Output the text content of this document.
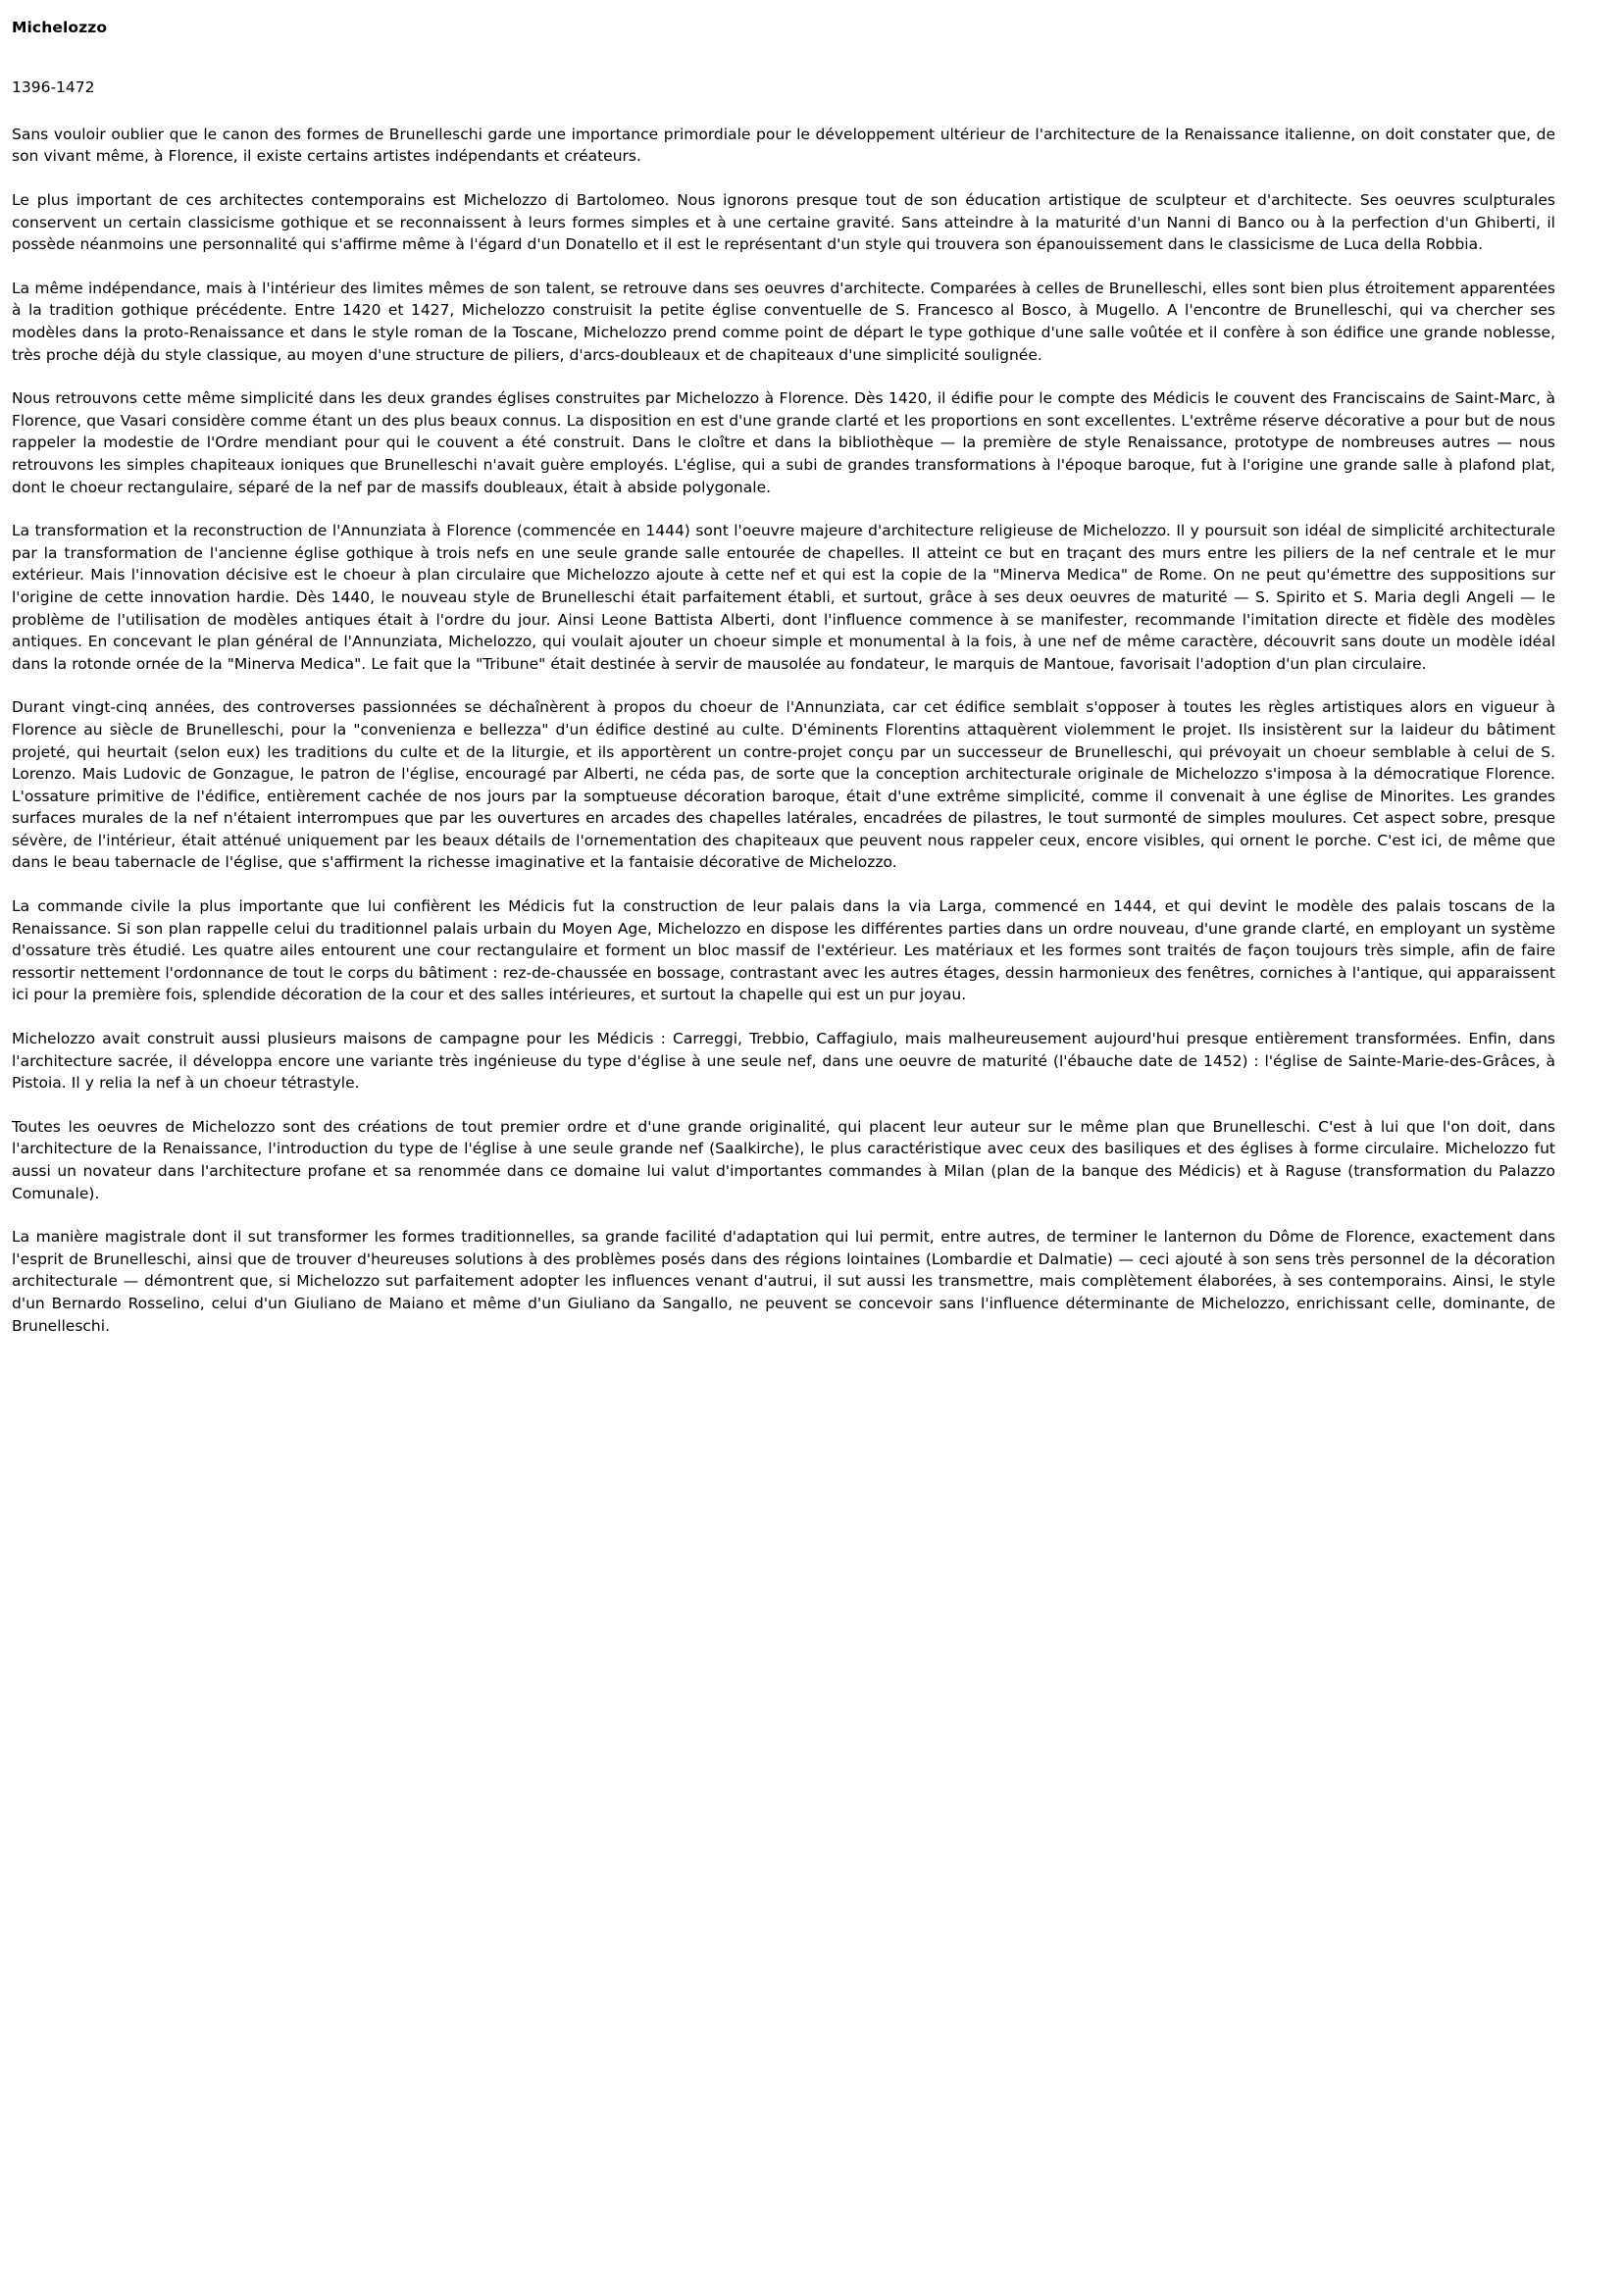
Michelozzo
1396-1472

Sans vouloir oublier que le canon des formes de Brunelleschi garde une importance primordiale pour le développement ultérieur de l'architecture de la Renaissance italienne, on doit constater que, de son vivant même, à Florence, il existe certains artistes indépendants et créateurs.

Le plus important de ces architectes contemporains est Michelozzo di Bartolomeo. Nous ignorons presque tout de son éducation artistique de sculpteur et d'architecte. Ses oeuvres sculpturales conservent un certain classicisme gothique et se reconnaissent à leurs formes simples et à une certaine gravité. Sans atteindre à la maturité d'un Nanni di Banco ou à la perfection d'un Ghiberti, il possède néanmoins une personnalité qui s'affirme même à l'égard d'un Donatello et il est le représentant d'un style qui trouvera son épanouissement dans le classicisme de Luca della Robbia.

La même indépendance, mais à l'intérieur des limites mêmes de son talent, se retrouve dans ses oeuvres d'architecte. Comparées à celles de Brunelleschi, elles sont bien plus étroitement apparentées à la tradition gothique précédente. Entre 1420 et 1427, Michelozzo construisit la petite église conventuelle de S. Francesco al Bosco, à Mugello. A l'encontre de Brunelleschi, qui va chercher ses modèles dans la proto-Renaissance et dans le style roman de la Toscane, Michelozzo prend comme point de départ le type gothique d'une salle voûtée et il confère à son édifice une grande noblesse, très proche déjà du style classique, au moyen d'une structure de piliers, d'arcs-doubleaux et de chapiteaux d'une simplicité soulignée.

Nous retrouvons cette même simplicité dans les deux grandes églises construites par Michelozzo à Florence. Dès 1420, il édifie pour le compte des Médicis le couvent des Franciscains de Saint-Marc, à Florence, que Vasari considère comme étant un des plus beaux connus. La disposition en est d'une grande clarté et les proportions en sont excellentes. L'extrême réserve décorative a pour but de nous rappeler la modestie de l'Ordre mendiant pour qui le couvent a été construit. Dans le cloître et dans la bibliothèque — la première de style Renaissance, prototype de nombreuses autres — nous retrouvons les simples chapiteaux ioniques que Brunelleschi n'avait guère employés. L'église, qui a subi de grandes transformations à l'époque baroque, fut à l'origine une grande salle à plafond plat, dont le choeur rectangulaire, séparé de la nef par de massifs doubleaux, était à abside polygonale.

La transformation et la reconstruction de l'Annunziata à Florence (commencée en 1444) sont l'oeuvre majeure d'architecture religieuse de Michelozzo. Il y poursuit son idéal de simplicité architecturale par la transformation de l'ancienne église gothique à trois nefs en une seule grande salle entourée de chapelles. Il atteint ce but en traçant des murs entre les piliers de la nef centrale et le mur extérieur. Mais l'innovation décisive est le choeur à plan circulaire que Michelozzo ajoute à cette nef et qui est la copie de la "Minerva Medica" de Rome. On ne peut qu'émettre des suppositions sur l'origine de cette innovation hardie. Dès 1440, le nouveau style de Brunelleschi était parfaitement établi, et surtout, grâce à ses deux oeuvres de maturité — S. Spirito et S. Maria degli Angeli — le problème de l'utilisation de modèles antiques était à l'ordre du jour. Ainsi Leone Battista Alberti, dont l'influence commence à se manifester, recommande l'imitation directe et fidèle des modèles antiques. En concevant le plan général de l'Annunziata, Michelozzo, qui voulait ajouter un choeur simple et monumental à la fois, à une nef de même caractère, découvrit sans doute un modèle idéal dans la rotonde ornée de la "Minerva Medica". Le fait que la "Tribune" était destinée à servir de mausolée au fondateur, le marquis de Mantoue, favorisait l'adoption d'un plan circulaire.

Durant vingt-cinq années, des controverses passionnées se déchaînèrent à propos du choeur de l'Annunziata, car cet édifice semblait s'opposer à toutes les règles artistiques alors en vigueur à Florence au siècle de Brunelleschi, pour la "convenienza e bellezza" d'un édifice destiné au culte. D'éminents Florentins attaquèrent violemment le projet. Ils insistèrent sur la laideur du bâtiment projeté, qui heurtait (selon eux) les traditions du culte et de la liturgie, et ils apportèrent un contre-projet conçu par un successeur de Brunelleschi, qui prévoyait un choeur semblable à celui de S. Lorenzo. Mais Ludovic de Gonzague, le patron de l'église, encouragé par Alberti, ne céda pas, de sorte que la conception architecturale originale de Michelozzo s'imposa à la démocratique Florence. L'ossature primitive de l'édifice, entièrement cachée de nos jours par la somptueuse décoration baroque, était d'une extrême simplicité, comme il convenait à une église de Minorites. Les grandes surfaces murales de la nef n'étaient interrompues que par les ouvertures en arcades des chapelles latérales, encadrées de pilastres, le tout surmonté de simples moulures. Cet aspect sobre, presque sévère, de l'intérieur, était atténué uniquement par les beaux détails de l'ornementation des chapiteaux que peuvent nous rappeler ceux, encore visibles, qui ornent le porche. C'est ici, de même que dans le beau tabernacle de l'église, que s'affirment la richesse imaginative et la fantaisie décorative de Michelozzo.

La commande civile la plus importante que lui confièrent les Médicis fut la construction de leur palais dans la via Larga, commencé en 1444, et qui devint le modèle des palais toscans de la Renaissance. Si son plan rappelle celui du traditionnel palais urbain du Moyen Age, Michelozzo en dispose les différentes parties dans un ordre nouveau, d'une grande clarté, en employant un système d'ossature très étudié. Les quatre ailes entourent une cour rectangulaire et forment un bloc massif de l'extérieur. Les matériaux et les formes sont traités de façon toujours très simple, afin de faire ressortir nettement l'ordonnance de tout le corps du bâtiment : rez-de-chaussée en bossage, contrastant avec les autres étages, dessin harmonieux des fenêtres, corniches à l'antique, qui apparaissent ici pour la première fois, splendide décoration de la cour et des salles intérieures, et surtout la chapelle qui est un pur joyau.

Michelozzo avait construit aussi plusieurs maisons de campagne pour les Médicis : Carreggi, Trebbio, Caffagiulo, mais malheureusement aujourd'hui presque entièrement transformées. Enfin, dans l'architecture sacrée, il développa encore une variante très ingénieuse du type d'église à une seule nef, dans une oeuvre de maturité (l'ébauche date de 1452) : l'église de Sainte-Marie-des-Grâces, à Pistoia. Il y relia la nef à un choeur tétrastyle.

Toutes les oeuvres de Michelozzo sont des créations de tout premier ordre et d'une grande originalité, qui placent leur auteur sur le même plan que Brunelleschi. C'est à lui que l'on doit, dans l'architecture de la Renaissance, l'introduction du type de l'église à une seule grande nef (Saalkirche), le plus caractéristique avec ceux des basiliques et des églises à forme circulaire. Michelozzo fut aussi un novateur dans l'architecture profane et sa renommée dans ce domaine lui valut d'importantes commandes à Milan (plan de la banque des Médicis) et à Raguse (transformation du Palazzo Comunale).

La manière magistrale dont il sut transformer les formes traditionnelles, sa grande facilité d'adaptation qui lui permit, entre autres, de terminer le lanternon du Dôme de Florence, exactement dans l'esprit de Brunelleschi, ainsi que de trouver d'heureuses solutions à des problèmes posés dans des régions lointaines (Lombardie et Dalmatie) — ceci ajouté à son sens très personnel de la décoration architecturale — démontrent que, si Michelozzo sut parfaitement adopter les influences venant d'autrui, il sut aussi les transmettre, mais complètement élaborées, à ses contemporains. Ainsi, le style d'un Bernardo Rosselino, celui d'un Giuliano de Maiano et même d'un Giuliano da Sangallo, ne peuvent se concevoir sans l'influence déterminante de Michelozzo, enrichissant celle, dominante, de Brunelleschi.
